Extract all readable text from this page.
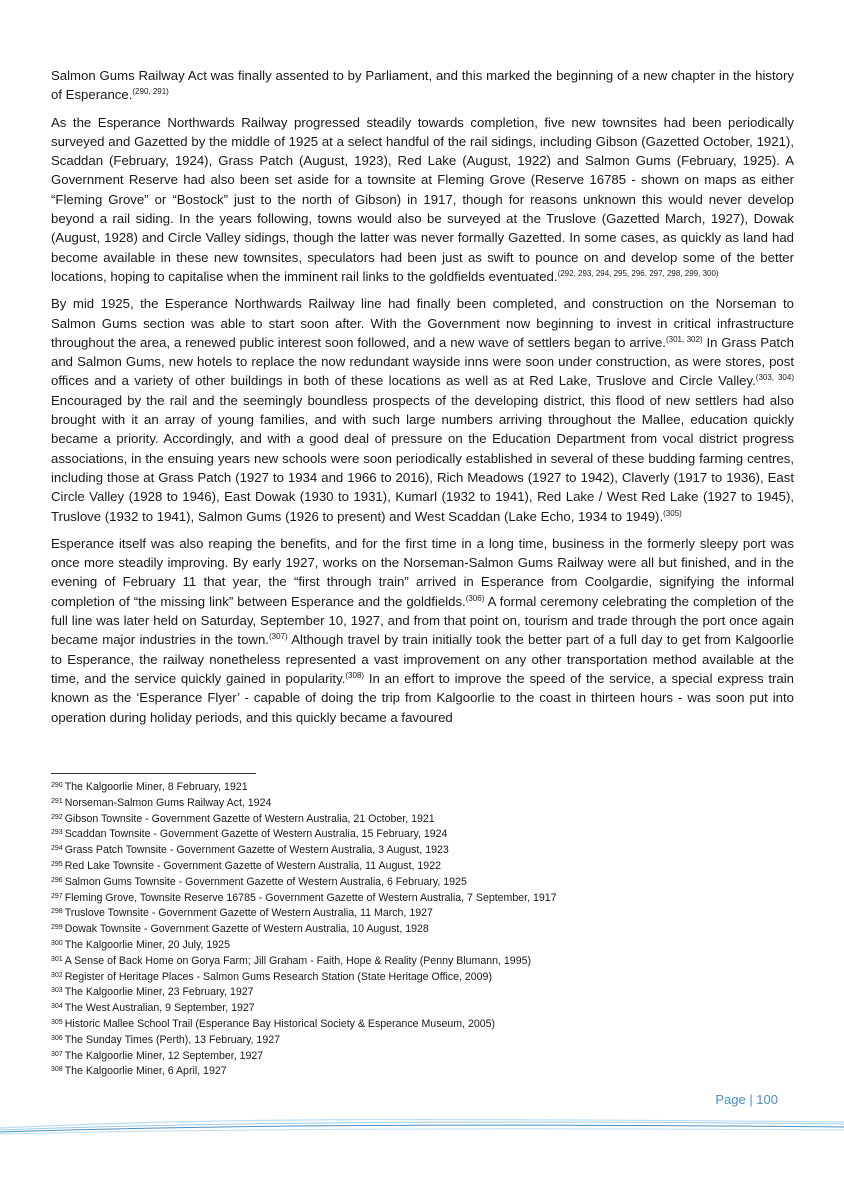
Salmon Gums Railway Act was finally assented to by Parliament, and this marked the beginning of a new chapter in the history of Esperance.$^{(290, 291)}$

As the Esperance Northwards Railway progressed steadily towards completion, five new townsites had been periodically surveyed and Gazetted by the middle of 1925 at a select handful of the rail sidings, including Gibson (Gazetted October, 1921), Scaddan (February, 1924), Grass Patch (August, 1923), Red Lake (August, 1922) and Salmon Gums (February, 1925). A Government Reserve had also been set aside for a townsite at Fleming Grove (Reserve 16785 - shown on maps as either “Fleming Grove” or “Bostock” just to the north of Gibson) in 1917, though for reasons unknown this would never develop beyond a rail siding. In the years following, towns would also be surveyed at the Truslove (Gazetted March, 1927), Dowak (August, 1928) and Circle Valley sidings, though the latter was never formally Gazetted. In some cases, as quickly as land had become available in these new townsites, speculators had been just as swift to pounce on and develop some of the better locations, hoping to capitalise when the imminent rail links to the goldfields eventuated.$^{(292, 293, 294, 295, 296, 297, 298, 299, 300)}$

By mid 1925, the Esperance Northwards Railway line had finally been completed, and construction on the Norseman to Salmon Gums section was able to start soon after. With the Government now beginning to invest in critical infrastructure throughout the area, a renewed public interest soon followed, and a new wave of settlers began to arrive.$^{(301, 302)}$ In Grass Patch and Salmon Gums, new hotels to replace the now redundant wayside inns were soon under construction, as were stores, post offices and a variety of other buildings in both of these locations as well as at Red Lake, Truslove and Circle Valley.$^{(303, 304)}$ Encouraged by the rail and the seemingly boundless prospects of the developing district, this flood of new settlers had also brought with it an array of young families, and with such large numbers arriving throughout the Mallee, education quickly became a priority. Accordingly, and with a good deal of pressure on the Education Department from vocal district progress associations, in the ensuing years new schools were soon periodically established in several of these budding farming centres, including those at Grass Patch (1927 to 1934 and 1966 to 2016), Rich Meadows (1927 to 1942), Claverly (1917 to 1936), East Circle Valley (1928 to 1946), East Dowak (1930 to 1931), Kumarl (1932 to 1941), Red Lake / West Red Lake (1927 to 1945), Truslove (1932 to 1941), Salmon Gums (1926 to present) and West Scaddan (Lake Echo, 1934 to 1949).$^{(305)}$

Esperance itself was also reaping the benefits, and for the first time in a long time, business in the formerly sleepy port was once more steadily improving. By early 1927, works on the Norseman-Salmon Gums Railway were all but finished, and in the evening of February 11 that year, the “first through train” arrived in Esperance from Coolgardie, signifying the informal completion of “the missing link” between Esperance and the goldfields.$^{(306)}$ A formal ceremony celebrating the completion of the full line was later held on Saturday, September 10, 1927, and from that point on, tourism and trade through the port once again became major industries in the town.$^{(307)}$ Although travel by train initially took the better part of a full day to get from Kalgoorlie to Esperance, the railway nonetheless represented a vast improvement on any other transportation method available at the time, and the service quickly gained in popularity.$^{(308)}$ In an effort to improve the speed of the service, a special express train known as the ‘Esperance Flyer’ - capable of doing the trip from Kalgoorlie to the coast in thirteen hours - was soon put into operation during holiday periods, and this quickly became a favoured

$^{290}$ The Kalgoorlie Miner, 8 February, 1921
$^{291}$ Norseman-Salmon Gums Railway Act, 1924
$^{292}$ Gibson Townsite - Government Gazette of Western Australia, 21 October, 1921
$^{293}$ Scaddan Townsite - Government Gazette of Western Australia, 15 February, 1924
$^{294}$ Grass Patch Townsite - Government Gazette of Western Australia, 3 August, 1923
$^{295}$ Red Lake Townsite - Government Gazette of Western Australia, 11 August, 1922
$^{296}$ Salmon Gums Townsite - Government Gazette of Western Australia, 6 February, 1925
$^{297}$ Fleming Grove, Townsite Reserve 16785 - Government Gazette of Western Australia, 7 September, 1917
$^{298}$ Truslove Townsite - Government Gazette of Western Australia, 11 March, 1927
$^{299}$ Dowak Townsite - Government Gazette of Western Australia, 10 August, 1928
$^{300}$ The Kalgoorlie Miner, 20 July, 1925
$^{301}$ A Sense of Back Home on Gorya Farm; Jill Graham - Faith, Hope & Reality (Penny Blumann, 1995)
$^{302}$ Register of Heritage Places - Salmon Gums Research Station (State Heritage Office, 2009)
$^{303}$ The Kalgoorlie Miner, 23 February, 1927
$^{304}$ The West Australian, 9 September, 1927
$^{305}$ Historic Mallee School Trail (Esperance Bay Historical Society & Esperance Museum, 2005)
$^{306}$ The Sunday Times (Perth), 13 February, 1927
$^{307}$ The Kalgoorlie Miner, 12 September, 1927
$^{308}$ The Kalgoorlie Miner, 6 April, 1927
Page | 100
